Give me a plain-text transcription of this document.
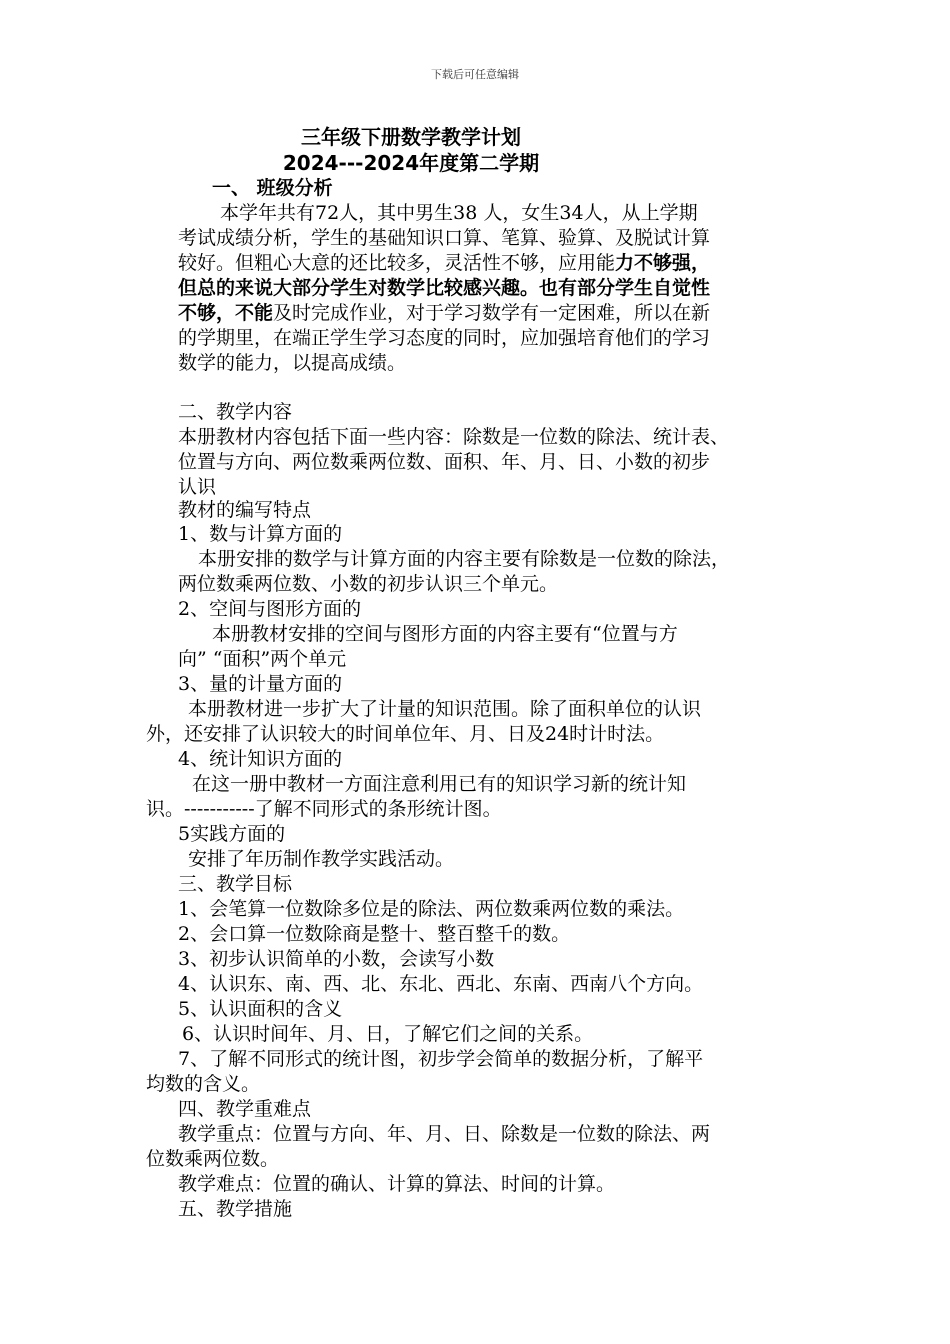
下载后可任意编辑
三年级下册数学教学计划
2024---2024年度第二学期
一、 班级分析
本学年共有72人，其中男生38 人，女生34人，从上学期
考试成绩分析，学生的基础知识口算、笔算、验算、及脱试计算
较好。但粗心大意的还比较多，灵活性不够，应用能力不够强，
但总的来说大部分学生对数学比较感兴趣。也有部分学生自觉性
不够，不能及时完成作业，对于学习数学有一定困难，所以在新
的学期里，在端正学生学习态度的同时，应加强培育他们的学习
数学的能力，以提高成绩。
二、教学内容
本册教材内容包括下面一些内容：除数是一位数的除法、统计表、
位置与方向、两位数乘两位数、面积、年、月、日、小数的初步
认识
教材的编写特点
1、数与计算方面的
本册安排的数学与计算方面的内容主要有除数是一位数的除法，
两位数乘两位数、小数的初步认识三个单元。
2、空间与图形方面的
本册教材安排的空间与图形方面的内容主要有“位置与方
向” “面积”两个单元
3、量的计量方面的
本册教材进一步扩大了计量的知识范围。除了面积单位的认识
外，还安排了认识较大的时间单位年、月、日及24时计时法。
4、统计知识方面的
在这一册中教材一方面注意利用已有的知识学习新的统计知
识。-----------了解不同形式的条形统计图。
5实践方面的
安排了年历制作教学实践活动。
三、教学目标
1、会笔算一位数除多位是的除法、两位数乘两位数的乘法。
2、会口算一位数除商是整十、整百整千的数。
3、初步认识简单的小数，会读写小数
4、认识东、南、西、北、东北、西北、东南、西南八个方向。
5、认识面积的含义
6、认识时间年、月、日，了解它们之间的关系。
7、了解不同形式的统计图，初步学会简单的数据分析，了解平
均数的含义。
四、教学重难点
教学重点：位置与方向、年、月、日、除数是一位数的除法、两
位数乘两位数。
教学难点：位置的确认、计算的算法、时间的计算。
五、教学措施
